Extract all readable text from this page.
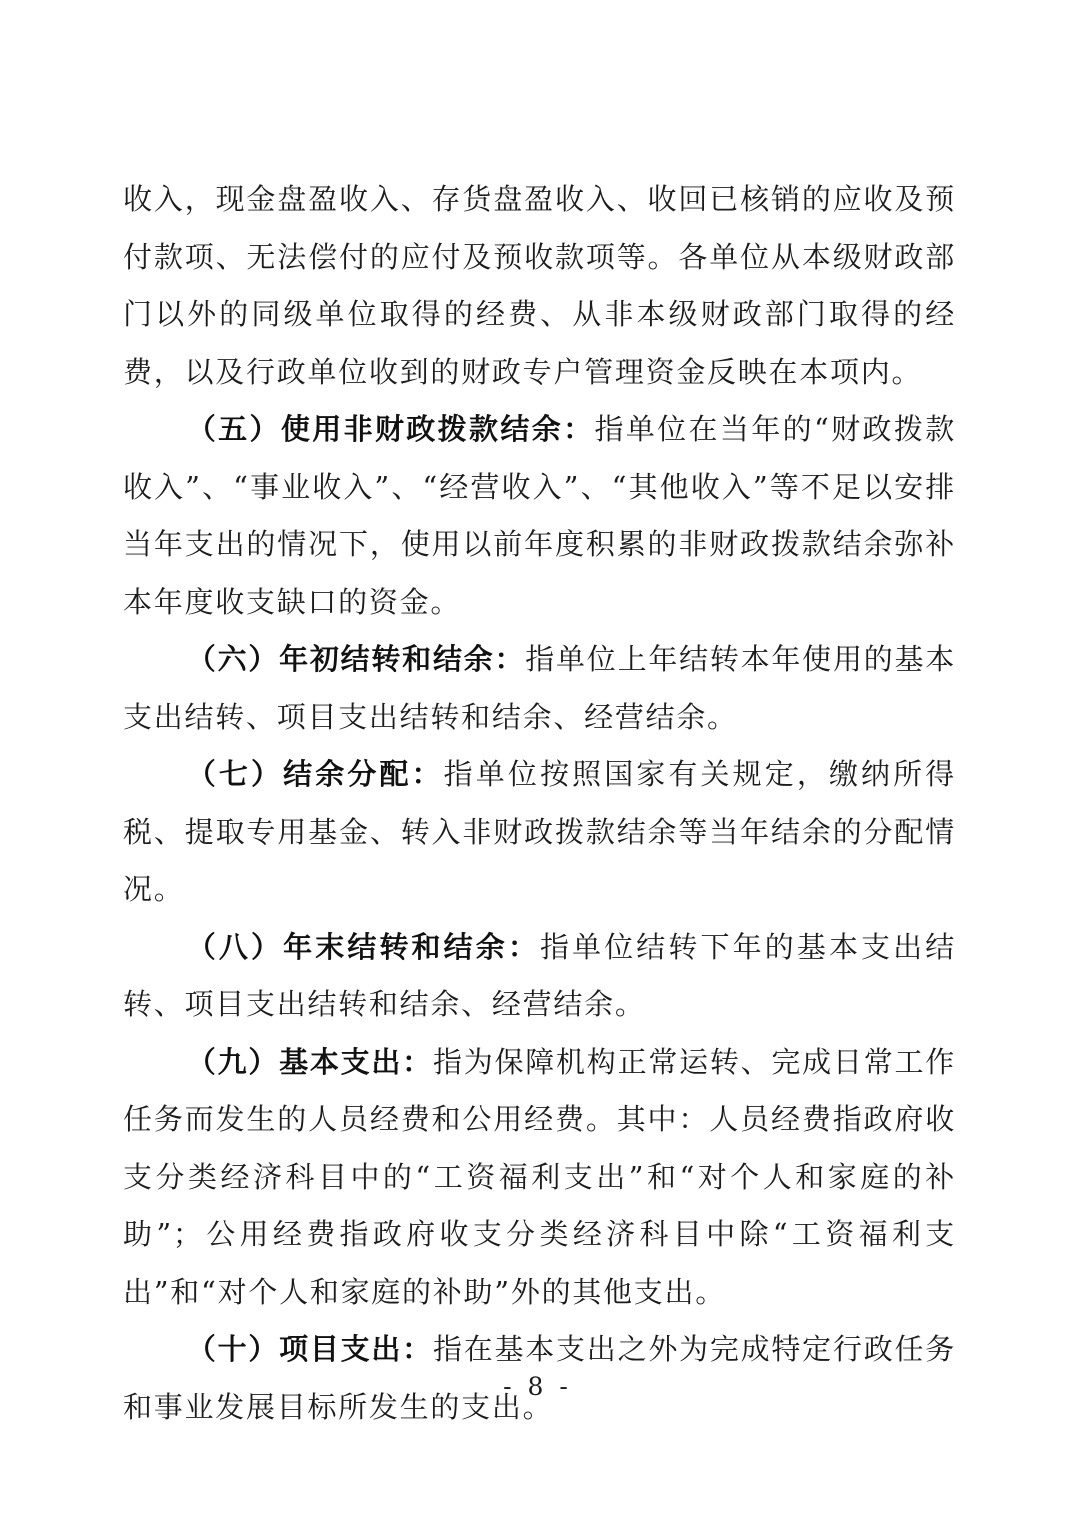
收入，现金盘盈收入、存货盘盈收入、收回已核销的应收及预付款项、无法偿付的应付及预收款项等。各单位从本级财政部门以外的同级单位取得的经费、从非本级财政部门取得的经费，以及行政单位收到的财政专户管理资金反映在本项内。

（五）使用非财政拨款结余：指单位在当年的“财政拨款收入”、“事业收入”、“经营收入”、“其他收入”等不足以安排当年支出的情况下，使用以前年度积累的非财政拨款结余弥补本年度收支缺口的资金。

（六）年初结转和结余：指单位上年结转本年使用的基本支出结转、项目支出结转和结余、经营结余。

（七）结余分配：指单位按照国家有关规定，缴纳所得税、提取专用基金、转入非财政拨款结余等当年结余的分配情况。

（八）年末结转和结余：指单位结转下年的基本支出结转、项目支出结转和结余、经营结余。

（九）基本支出：指为保障机构正常运转、完成日常工作任务而发生的人员经费和公用经费。其中：人员经费指政府收支分类经济科目中的“工资福利支出”和“对个人和家庭的补助”；公用经费指政府收支分类经济科目中除“工资福利支出”和“对个人和家庭的补助”外的其他支出。

（十）项目支出：指在基本支出之外为完成特定行政任务和事业发展目标所发生的支出。

- 8 -
